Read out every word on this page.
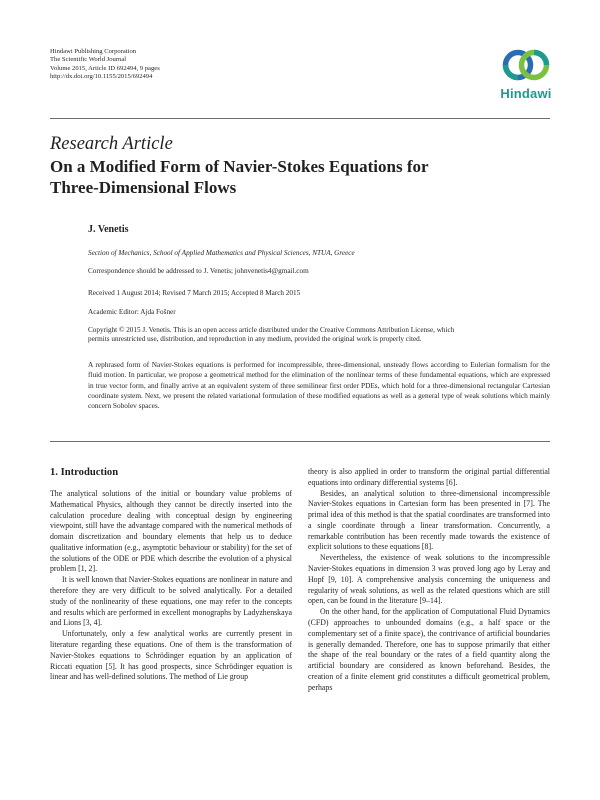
Hindawi Publishing Corporation
The Scientific World Journal
Volume 2015, Article ID 692494, 9 pages
http://dx.doi.org/10.1155/2015/692494
Hindawi
Research Article
On a Modified Form of Navier-Stokes Equations for
Three-Dimensional Flows
J. Venetis
Section of Mechanics, School of Applied Mathematics and Physical Sciences, NTUA, Greece
Correspondence should be addressed to J. Venetis; johnvenetis4@gmail.com
Received 1 August 2014; Revised 7 March 2015; Accepted 8 March 2015
Academic Editor: Ajda Fošner
Copyright © 2015 J. Venetis. This is an open access article distributed under the Creative Commons Attribution License, which
permits unrestricted use, distribution, and reproduction in any medium, provided the original work is properly cited.
A rephrased form of Navier-Stokes equations is performed for incompressible, three-dimensional, unsteady flows according to Eulerian formalism for the fluid motion. In particular, we propose a geometrical method for the elimination of the nonlinear terms of these fundamental equations, which are expressed in true vector form, and finally arrive at an equivalent system of three semilinear first order PDEs, which hold for a three-dimensional rectangular Cartesian coordinate system. Next, we present the related variational formulation of these modified equations as well as a general type of weak solutions which mainly concern Sobolev spaces.
1. Introduction

The analytical solutions of the initial or boundary value problems of Mathematical Physics, although they cannot be directly inserted into the calculation procedure dealing with conceptual design by engineering viewpoint, still have the advantage compared with the numerical methods of domain discretization and boundary elements that help us to deduce qualitative information (e.g., asymptotic behaviour or stability) for the set of the solutions of the ODE or PDE which describe the evolution of a physical problem [1, 2].

It is well known that Navier-Stokes equations are nonlinear in nature and therefore they are very difficult to be solved analytically. For a detailed study of the nonlinearity of these equations, one may refer to the concepts and results which are performed in excellent monographs by Ladyzhenskaya and Lions [3, 4].

Unfortunately, only a few analytical works are currently present in literature regarding these equations. One of them is the transformation of Navier-Stokes equations to Schrödinger equation by an application of Riccati equation [5]. It has good prospects, since Schrödinger equation is linear and has well-defined solutions. The method of Lie group

theory is also applied in order to transform the original partial differential equations into ordinary differential systems [6].

Besides, an analytical solution to three-dimensional incompressible Navier-Stokes equations in Cartesian form has been presented in [7]. The primal idea of this method is that the spatial coordinates are transformed into a single coordinate through a linear transformation. Concurrently, a remarkable contribution has been recently made towards the existence of explicit solutions to these equations [8].

Nevertheless, the existence of weak solutions to the incompressible Navier-Stokes equations in dimension 3 was proved long ago by Leray and Hopf [9, 10]. A comprehensive analysis concerning the uniqueness and regularity of weak solutions, as well as the related questions which are still open, can be found in the literature [9–14].

On the other hand, for the application of Computational Fluid Dynamics (CFD) approaches to unbounded domains (e.g., a half space or the complementary set of a finite space), the contrivance of artificial boundaries is generally demanded. Therefore, one has to suppose primarily that either the shape of the real boundary or the rates of a field quantity along the artificial boundary are considered as known beforehand. Besides, the creation of a finite element grid constitutes a difficult geometrical problem, perhaps
